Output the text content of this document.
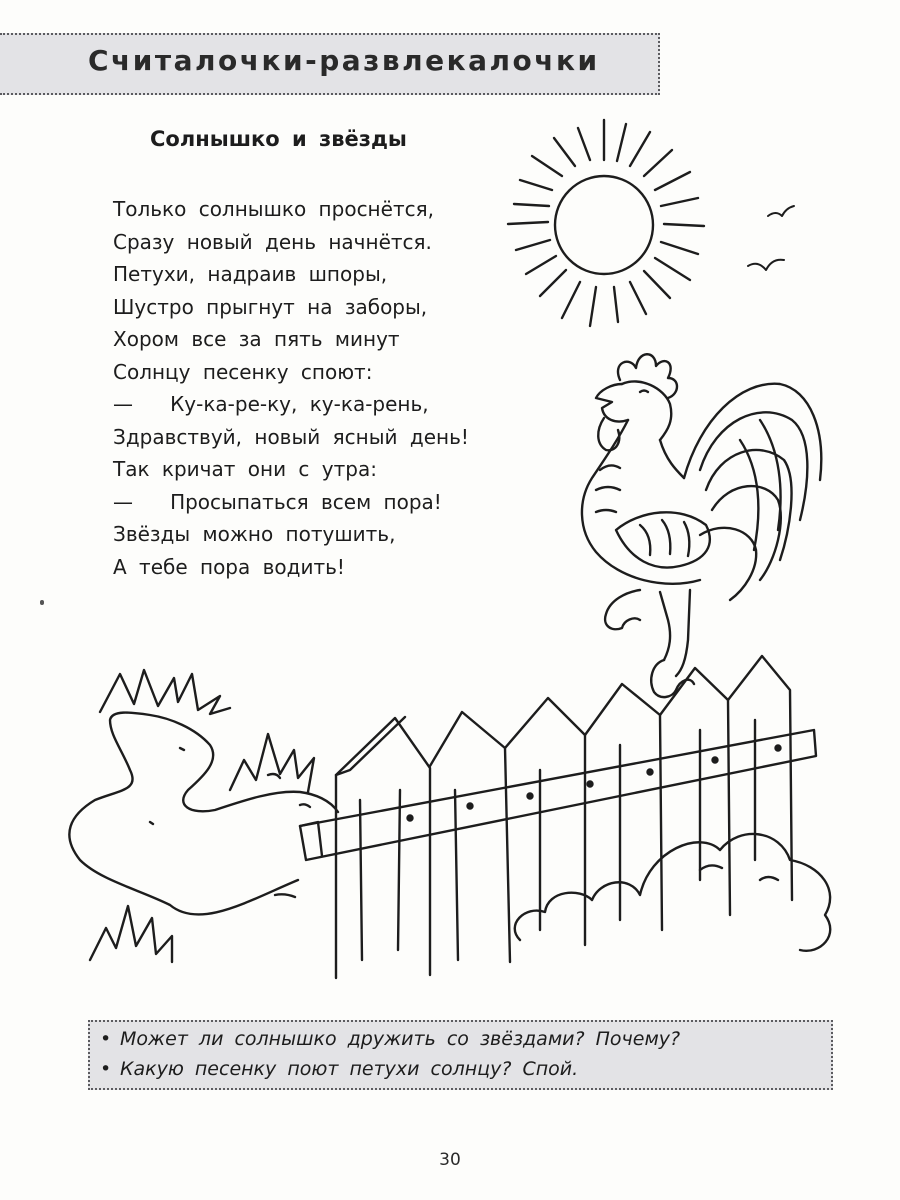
Считалочки-развлекалочки
Солнышко и звёзды
Только солнышко проснётся,
Сразу новый день начнётся.
Петухи, надраив шпоры,
Шустро прыгнут на заборы,
Хором все за пять минут
Солнцу песенку споют:
—   Ку-ка-ре-ку, ку-ка-рень,
Здравствуй, новый ясный день!
Так кричат они с утра:
—   Просыпаться всем пора!
Звёзды можно потушить,
А тебе пора водить!
• Может ли солнышко дружить со звёздами? Почему?
• Какую песенку поют петухи солнцу? Спой.
30
